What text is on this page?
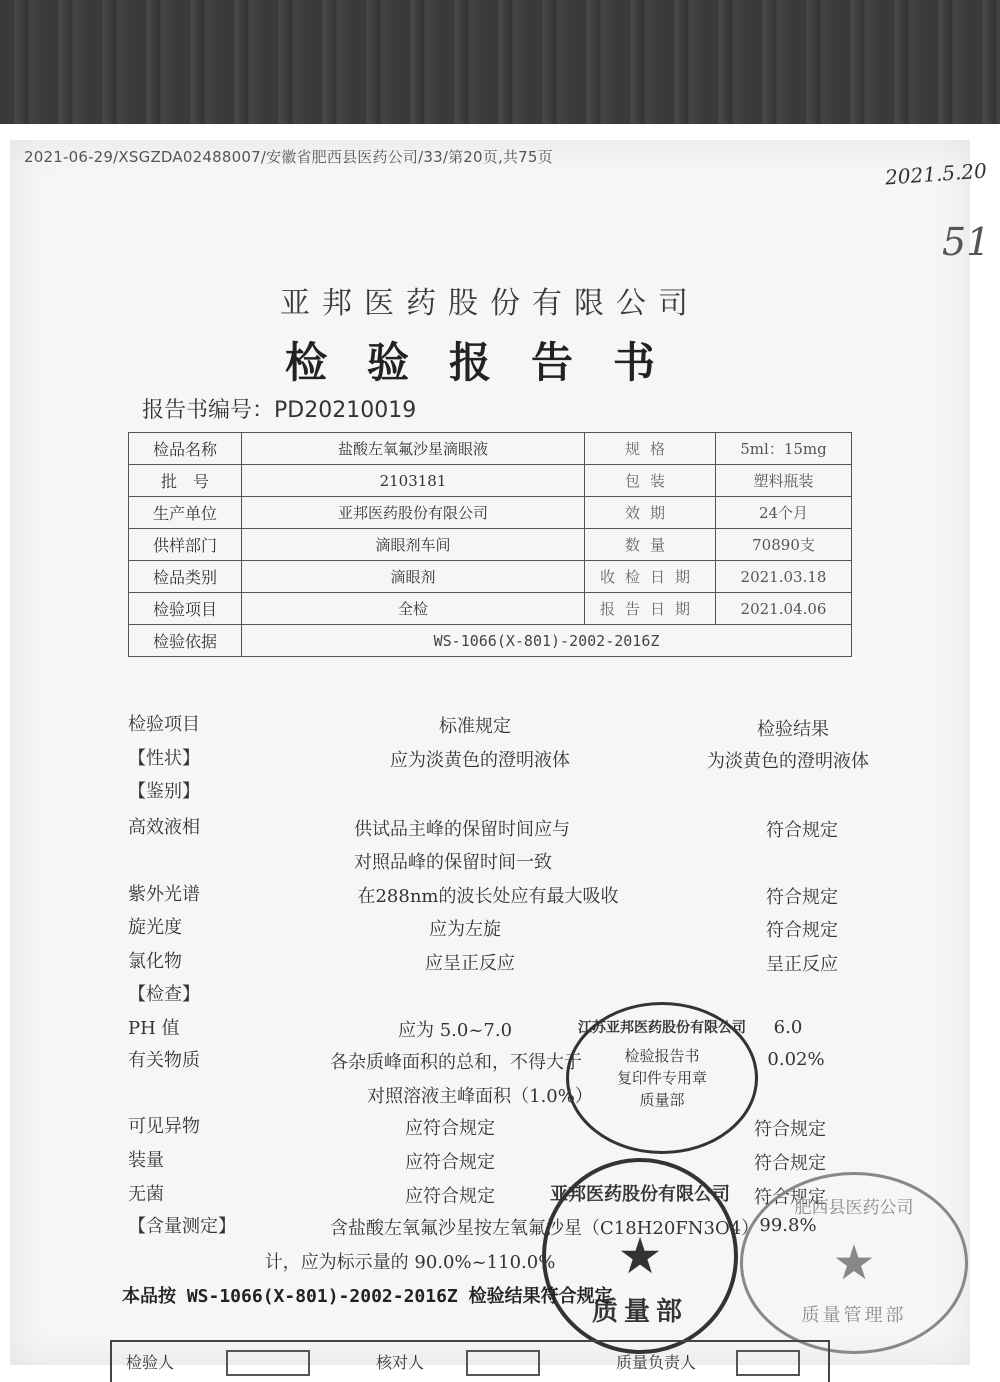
2021-06-29/XSGZDA02488007/安徽省肥西县医药公司/33/第20页,共75页
2021.5.20
51
亚邦医药股份有限公司
检验报告书
报告书编号：PD20210019
检品名称	盐酸左氧氟沙星滴眼液	规格	5ml：15mg
批　号	2103181	包装	塑料瓶装
生产单位	亚邦医药股份有限公司	效期	24个月
供样部门	滴眼剂车间	数量	70890支
检品类别	滴眼剂	收检日期	2021.03.18
检验项目	全检	报告日期	2021.04.06
检验依据	WS-1066(X-801)-2002-2016Z		
检验项目	标准规定	检验结果
【性状】	应为淡黄色的澄明液体	为淡黄色的澄明液体
【鉴别】
高效液相	供试品主峰的保留时间应与	符合规定
对照品峰的保留时间一致
紫外光谱	在288nm的波长处应有最大吸收	符合规定
旋光度	应为左旋	符合规定
氯化物	应呈正反应	呈正反应
【检查】
PH 值	应为 5.0~7.0	6.0
有关物质	各杂质峰面积的总和，不得大于	0.02%
对照溶液主峰面积（1.0%）
可见异物	应符合规定	符合规定
装量	应符合规定	符合规定
无菌	应符合规定	符合规定
【含量测定】	含盐酸左氧氟沙星按左氧氟沙星（C18H20FN3O4） 99.8%
计，应为标示量的 90.0%~110.0%
江苏亚邦医药股份有限公司
检验报告书
复印件专用章
质量部
亚邦医药股份有限公司
★
质量部
肥西县医药公司
★
质量管理部
本品按 WS-1066(X-801)-2002-2016Z 检验结果符合规定
检验人	核对人	质量负责人
